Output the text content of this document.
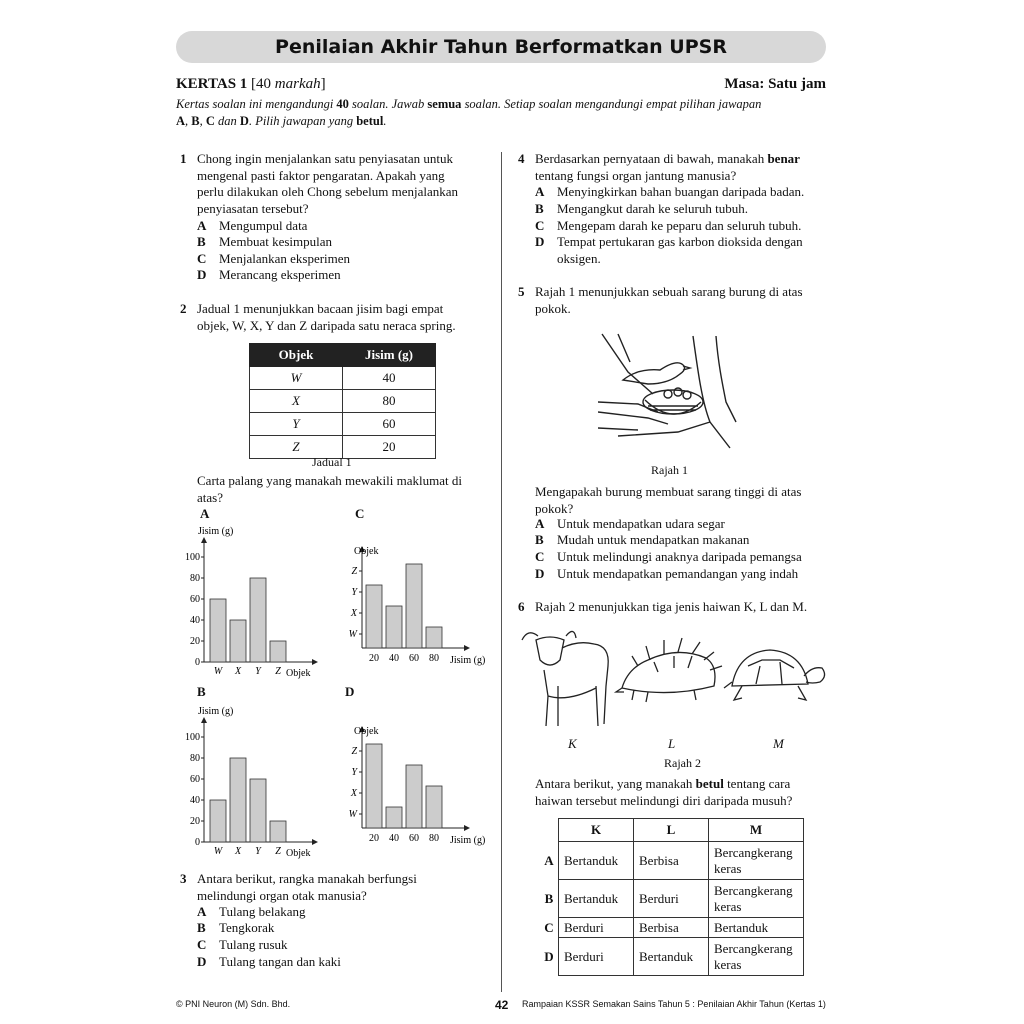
Penilaian Akhir Tahun Berformatkan UPSR
KERTAS 1 [40 markah]	Masa: Satu jam
Kertas soalan ini mengandungi 40 soalan. Jawab semua soalan. Setiap soalan mengandungi empat pilihan jawapan
A, B, C dan D. Pilih jawapan yang betul.
1 Chong ingin menjalankan satu penyiasatan untuk
mengenal pasti faktor pengaratan. Apakah yang
perlu dilakukan oleh Chong sebelum menjalankan
penyiasatan tersebut?
A Mengumpul data
B Membuat kesimpulan
C Menjalankan eksperimen
D Merancang eksperimen
2 Jadual 1 menunjukkan bacaan jisim bagi empat
objek, W, X, Y dan Z daripada satu neraca spring.
Objek	Jisim (g)
W	40
X	80
Y	60
Z	20
Jadual 1
Carta palang yang manakah mewakili maklumat di
atas?
A	C
B	D
Jisim (g)
0
20
40
60
80
100
W X Y Z Objek
Objek
W
X
Y
Z
20 40 60 80 Jisim (g)
Jisim (g)
0
20
40
60
80
100
W X Y Z Objek
Objek
W
X
Y
Z
20 40 60 80 Jisim (g)
3 Antara berikut, rangka manakah berfungsi
melindungi organ otak manusia?
A Tulang belakang
B Tengkorak
C Tulang rusuk
D Tulang tangan dan kaki
4 Berdasarkan pernyataan di bawah, manakah benar
tentang fungsi organ jantung manusia?
A Menyingkirkan bahan buangan daripada badan.
B Mengangkut darah ke seluruh tubuh.
C Mengepam darah ke peparu dan seluruh tubuh.
D Tempat pertukaran gas karbon dioksida dengan
oksigen.
5 Rajah 1 menunjukkan sebuah sarang burung di atas
pokok.
Rajah 1
Mengapakah burung membuat sarang tinggi di atas
pokok?
A Untuk mendapatkan udara segar
B Mudah untuk mendapatkan makanan
C Untuk melindungi anaknya daripada pemangsa
D Untuk mendapatkan pemandangan yang indah
6 Rajah 2 menunjukkan tiga jenis haiwan K, L dan M.
K	L	M
Rajah 2
Antara berikut, yang manakah betul tentang cara
haiwan tersebut melindungi diri daripada musuh?
	K	L	M
A	Bertanduk	Berbisa	Bercangkerang keras
B	Bertanduk	Berduri	Bercangkerang keras
C	Berduri	Berbisa	Bertanduk
D	Berduri	Bertanduk	Bercangkerang keras
© PNI Neuron (M) Sdn. Bhd.	42 Rampaian KSSR Semakan Sains Tahun 5 : Penilaian Akhir Tahun (Kertas 1)
